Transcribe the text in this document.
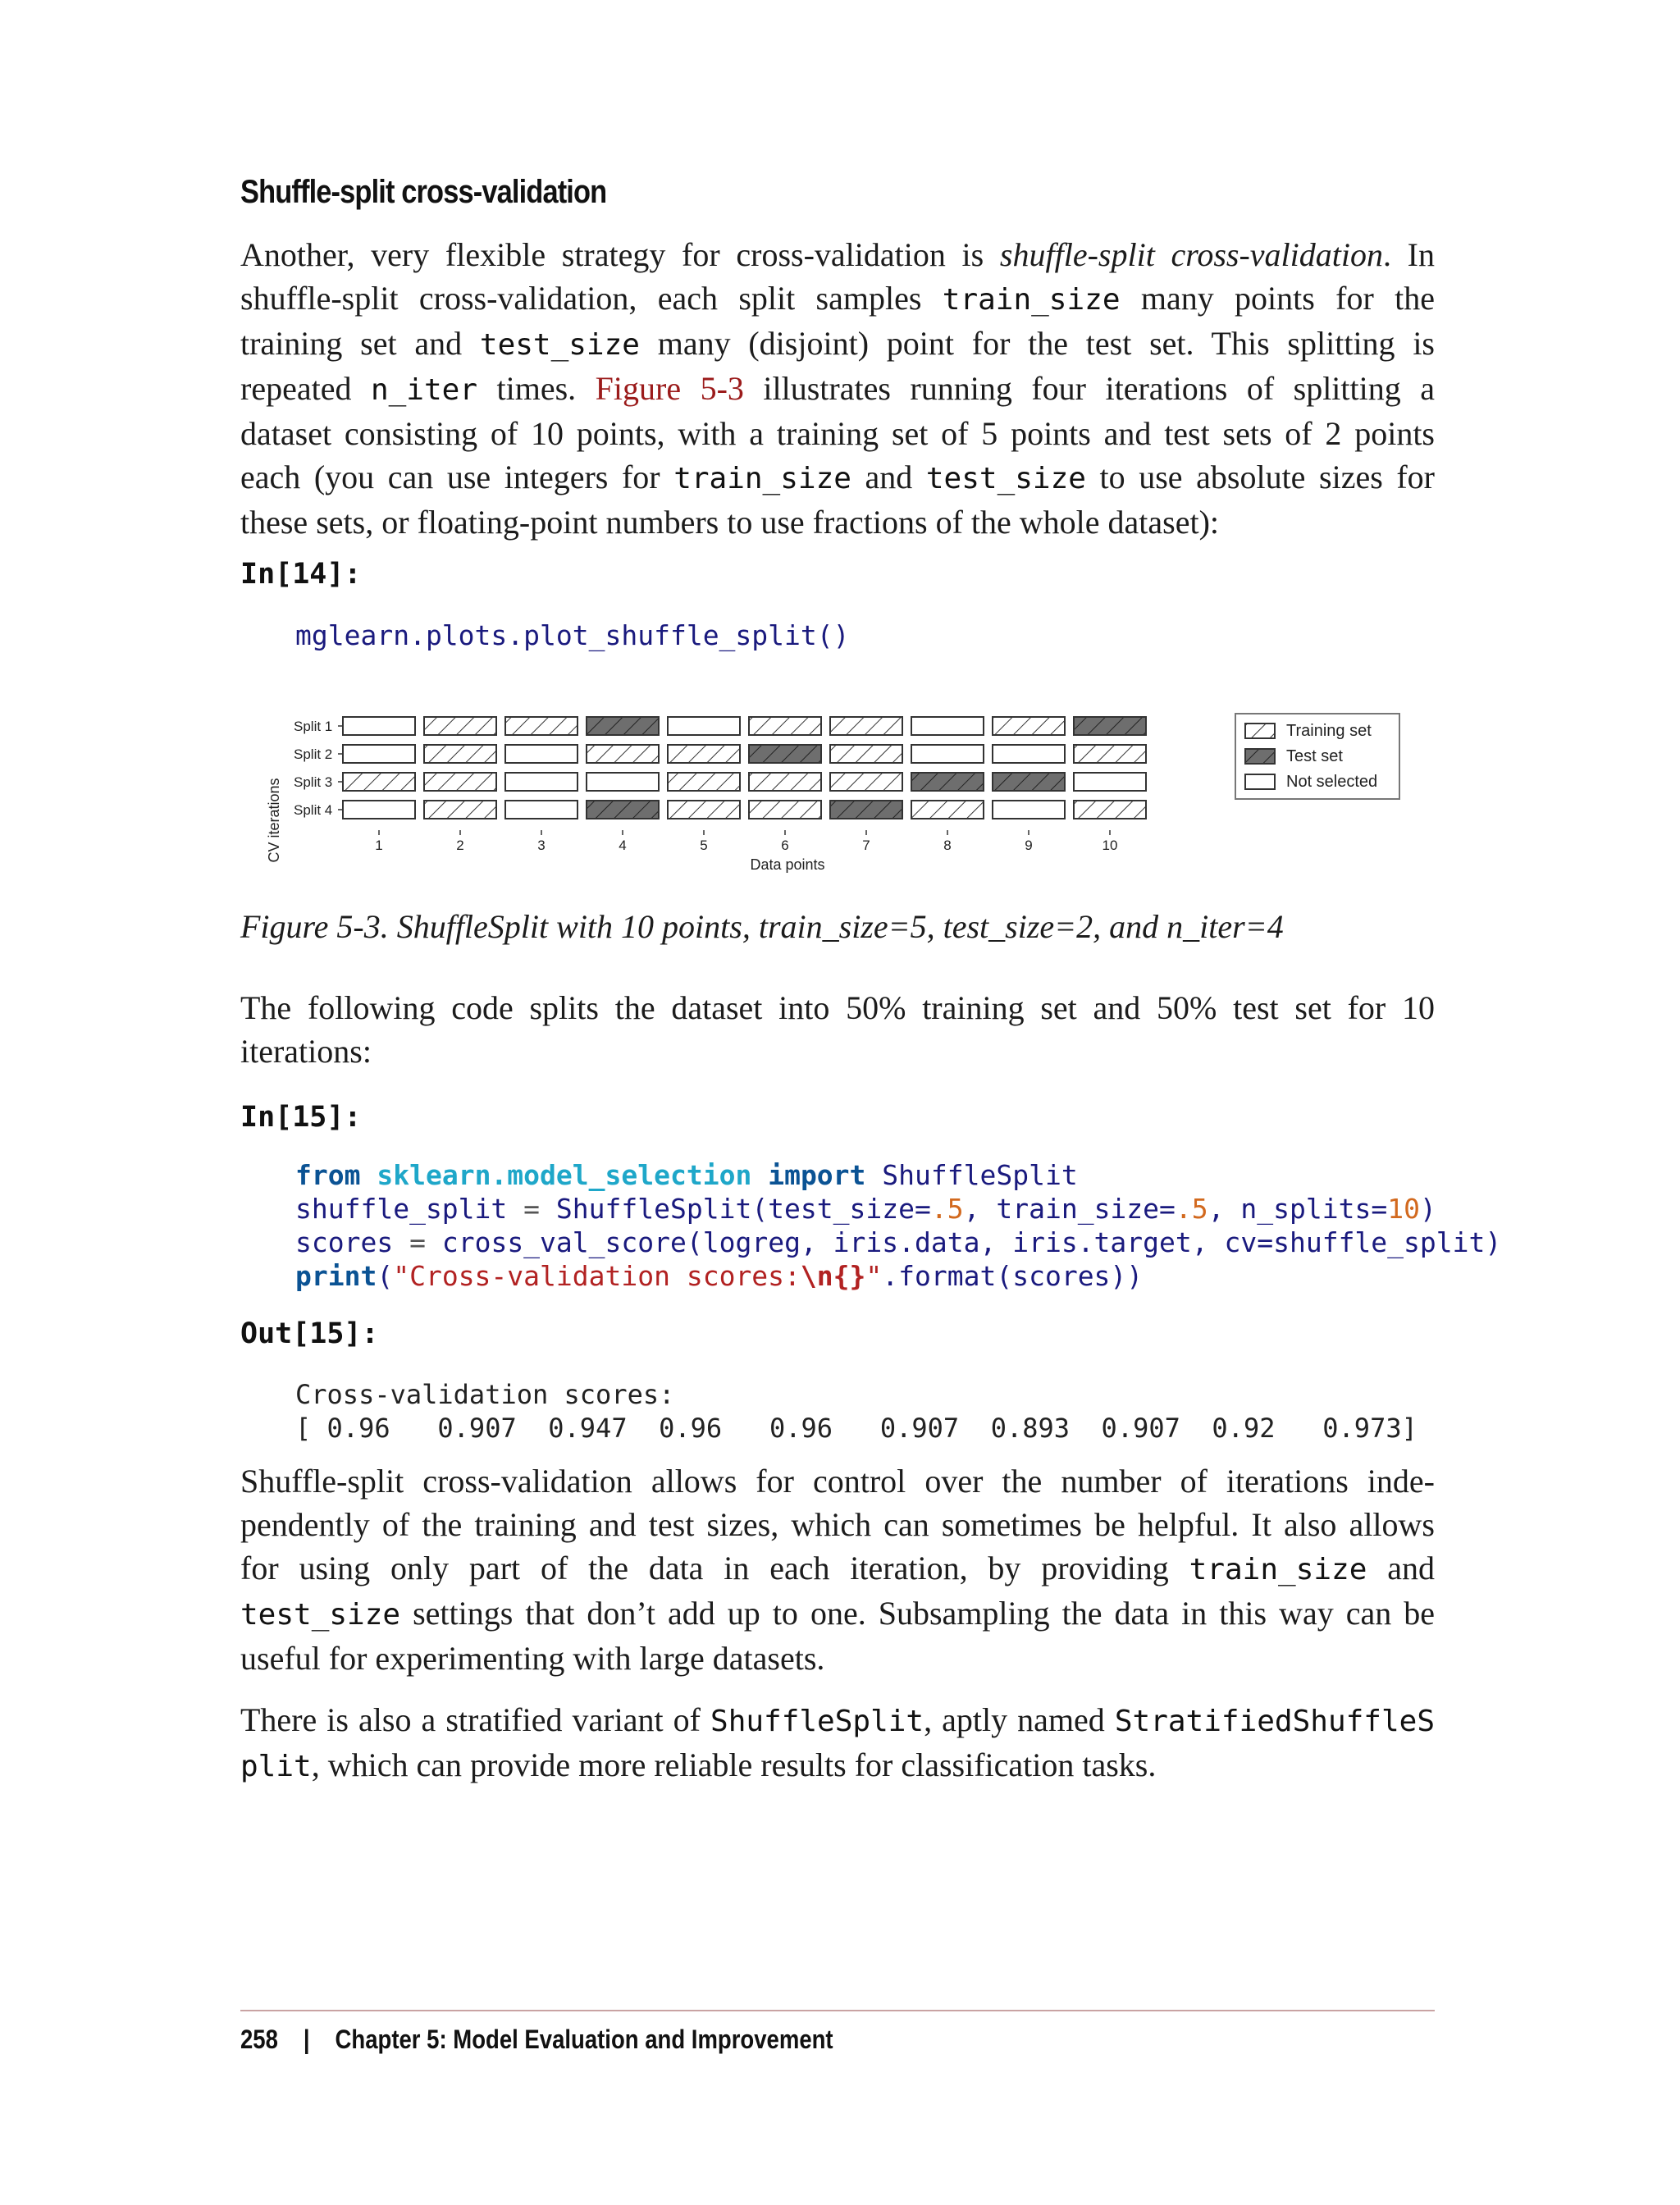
Shuffle-split cross-validation
Another, very flexible strategy for cross-validation is shuffle-split cross-validation. In
shuffle-split cross-validation, each split samples train_size many points for the
training set and test_size many (disjoint) point for the test set. This splitting is
repeated n_iter times. Figure 5-3 illustrates running four iterations of splitting a
dataset consisting of 10 points, with a training set of 5 points and test sets of 2 points
each (you can use integers for train_size and test_size to use absolute sizes for
these sets, or floating-point numbers to use fractions of the whole dataset):
In[14]:
mglearn.plots.plot_shuffle_split()
CV iterations
Split 1
Split 2
Split 3
Split 4
1	2	3	4	5	6	7	8	9	10
Data points
Training set
Test set
Not selected
Figure 5-3. ShuffleSplit with 10 points, train_size=5, test_size=2, and n_iter=4
The following code splits the dataset into 50% training set and 50% test set for 10
iterations:
In[15]:
from sklearn.model_selection import ShuffleSplit
shuffle_split = ShuffleSplit(test_size=.5, train_size=.5, n_splits=10)
scores = cross_val_score(logreg, iris.data, iris.target, cv=shuffle_split)
print("Cross-validation scores:\n{}".format(scores))
Out[15]:
Cross-validation scores:
[ 0.96   0.907  0.947  0.96   0.96   0.907  0.893  0.907  0.92   0.973]
Shuffle-split cross-validation allows for control over the number of iterations inde-
pendently of the training and test sizes, which can sometimes be helpful. It also allows
for using only part of the data in each iteration, by providing train_size and
test_size settings that don’t add up to one. Subsampling the data in this way can be
useful for experimenting with large datasets.
There is also a stratified variant of ShuffleSplit, aptly named StratifiedShuffleS
plit, which can provide more reliable results for classification tasks.
258 | Chapter 5: Model Evaluation and Improvement
